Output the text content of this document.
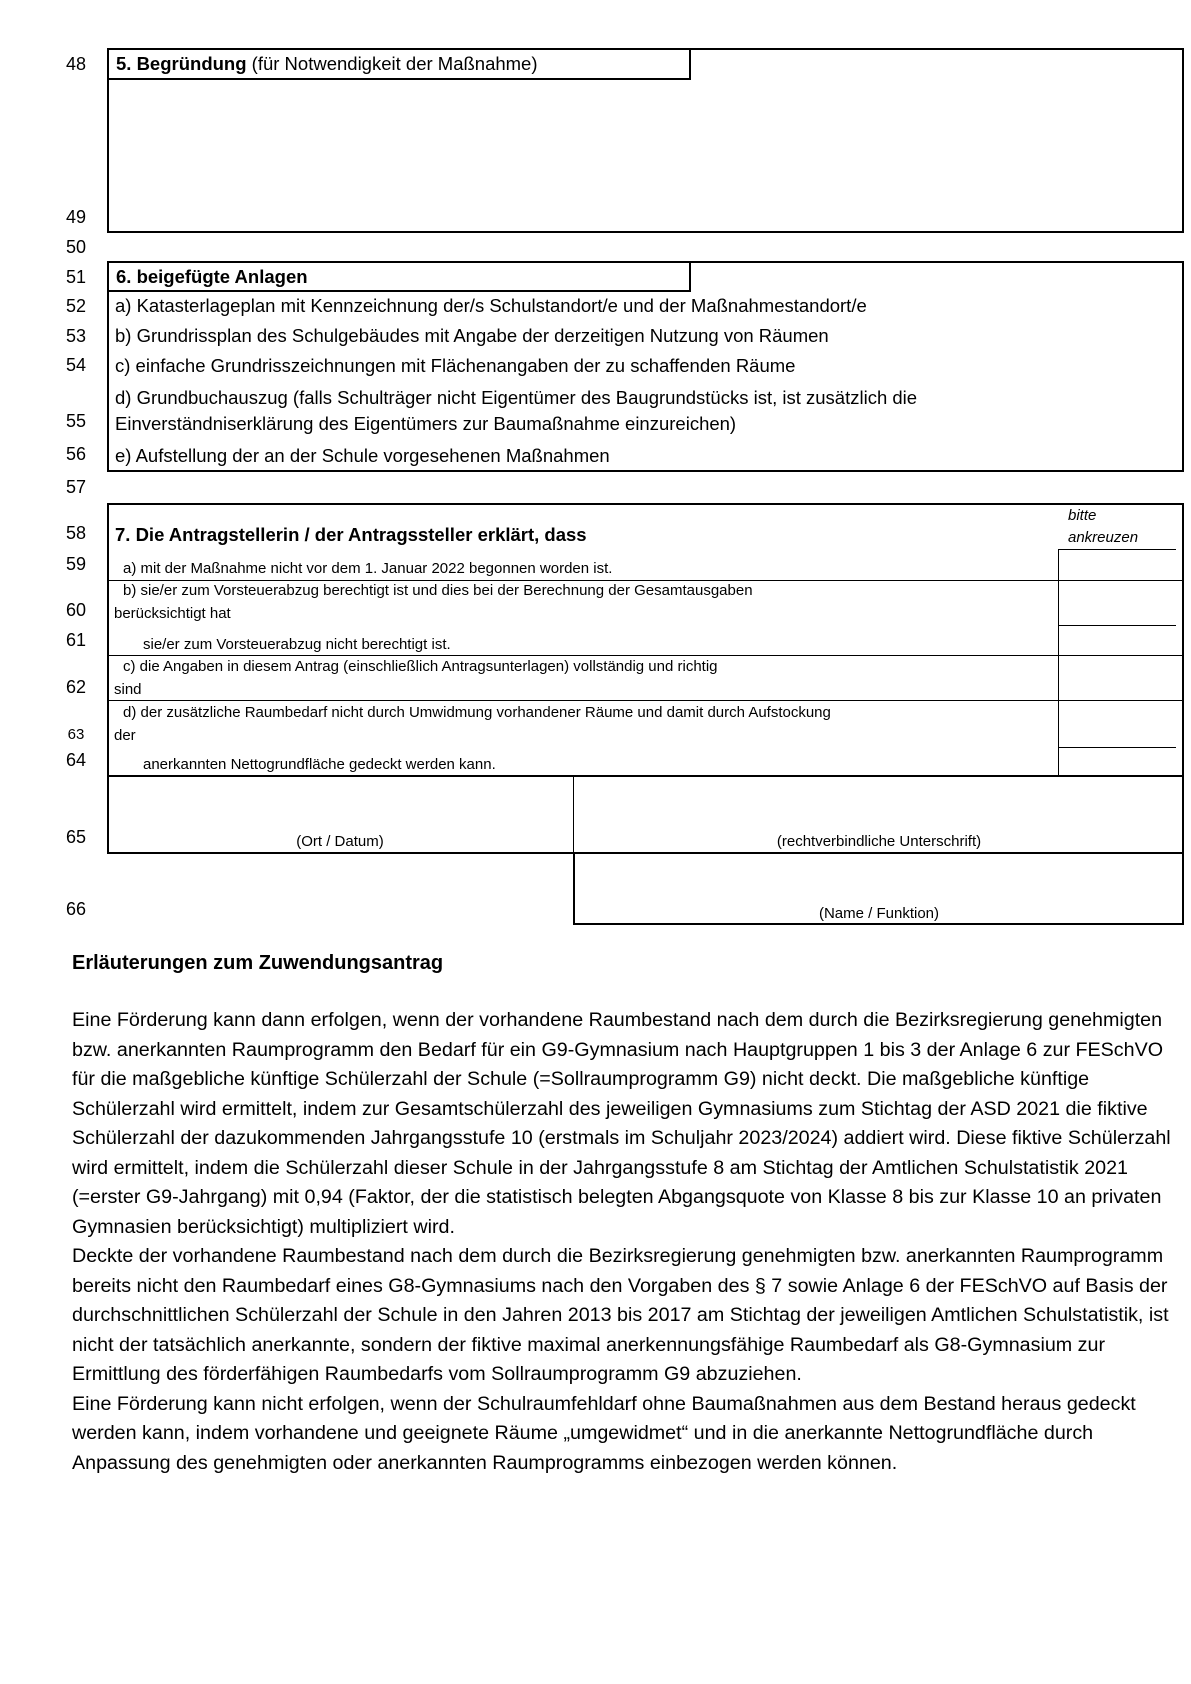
48
49
50
51
52
53
54
55
56
57
58
59
60
61
62
63
64
65
66
5. Begründung (für Notwendigkeit der Maßnahme)
6. beigefügte Anlagen
a) Katasterlageplan mit Kennzeichnung der/s Schulstandort/e und der Maßnahmestandort/e
b) Grundrissplan des Schulgebäudes mit Angabe der derzeitigen Nutzung von Räumen
c) einfache Grundrisszeichnungen mit Flächenangaben der zu schaffenden Räume
d) Grundbuchauszug (falls Schulträger nicht Eigentümer des Baugrundstücks ist, ist zusätzlich die
Einverständniserklärung des Eigentümers zur Baumaßnahme einzureichen)
e) Aufstellung der an der Schule vorgesehenen Maßnahmen
7. Die Antragstellerin / der Antragssteller erklärt, dass
bitte
ankreuzen
a) mit der Maßnahme nicht vor dem 1. Januar 2022 begonnen worden ist.
b) sie/er zum Vorsteuerabzug berechtigt ist und dies bei der Berechnung der Gesamtausgaben
berücksichtigt hat
sie/er zum Vorsteuerabzug nicht berechtigt ist.
c) die Angaben in diesem Antrag (einschließlich Antragsunterlagen) vollständig und richtig
sind
d) der zusätzliche Raumbedarf nicht durch Umwidmung vorhandener Räume und damit durch Aufstockung
der
anerkannten Nettogrundfläche gedeckt werden kann.
(Ort / Datum)	(rechtverbindliche Unterschrift)
(Name / Funktion)
Erläuterungen zum Zuwendungsantrag

Eine Förderung kann dann erfolgen, wenn der vorhandene Raumbestand nach dem durch die Bezirksregierung genehmigten bzw. anerkannten Raumprogramm den Bedarf für ein G9-Gymnasium nach Hauptgruppen 1 bis 3 der Anlage 6 zur FESchVO für die maßgebliche künftige Schülerzahl der Schule (=Sollraumprogramm G9) nicht deckt. Die maßgebliche künftige Schülerzahl wird ermittelt, indem zur Gesamtschülerzahl des jeweiligen Gymnasiums zum Stichtag der ASD 2021 die fiktive Schülerzahl der dazukommenden Jahrgangsstufe 10 (erstmals im Schuljahr 2023/2024) addiert wird. Diese fiktive Schülerzahl wird ermittelt, indem die Schülerzahl dieser Schule in der Jahrgangsstufe 8 am Stichtag der Amtlichen Schulstatistik 2021 (=erster G9-Jahrgang) mit 0,94 (Faktor, der die statistisch belegten Abgangsquote von Klasse 8 bis zur Klasse 10 an privaten Gymnasien berücksichtigt) multipliziert wird.

Deckte der vorhandene Raumbestand nach dem durch die Bezirksregierung genehmigten bzw. anerkannten Raumprogramm bereits nicht den Raumbedarf eines G8-Gymnasiums nach den Vorgaben des § 7 sowie Anlage 6 der FESchVO auf Basis der durchschnittlichen Schülerzahl der Schule in den Jahren 2013 bis 2017 am Stichtag der jeweiligen Amtlichen Schulstatistik, ist nicht der tatsächlich anerkannte, sondern der fiktive maximal anerkennungsfähige Raumbedarf als G8-Gymnasium zur Ermittlung des förderfähigen Raumbedarfs vom Sollraumprogramm G9 abzuziehen.

Eine Förderung kann nicht erfolgen, wenn der Schulraumfehldarf ohne Baumaßnahmen aus dem Bestand heraus gedeckt werden kann, indem vorhandene und geeignete Räume „umgewidmet“ und in die anerkannte Nettogrundfläche durch Anpassung des genehmigten oder anerkannten Raumprogramms einbezogen werden können.
